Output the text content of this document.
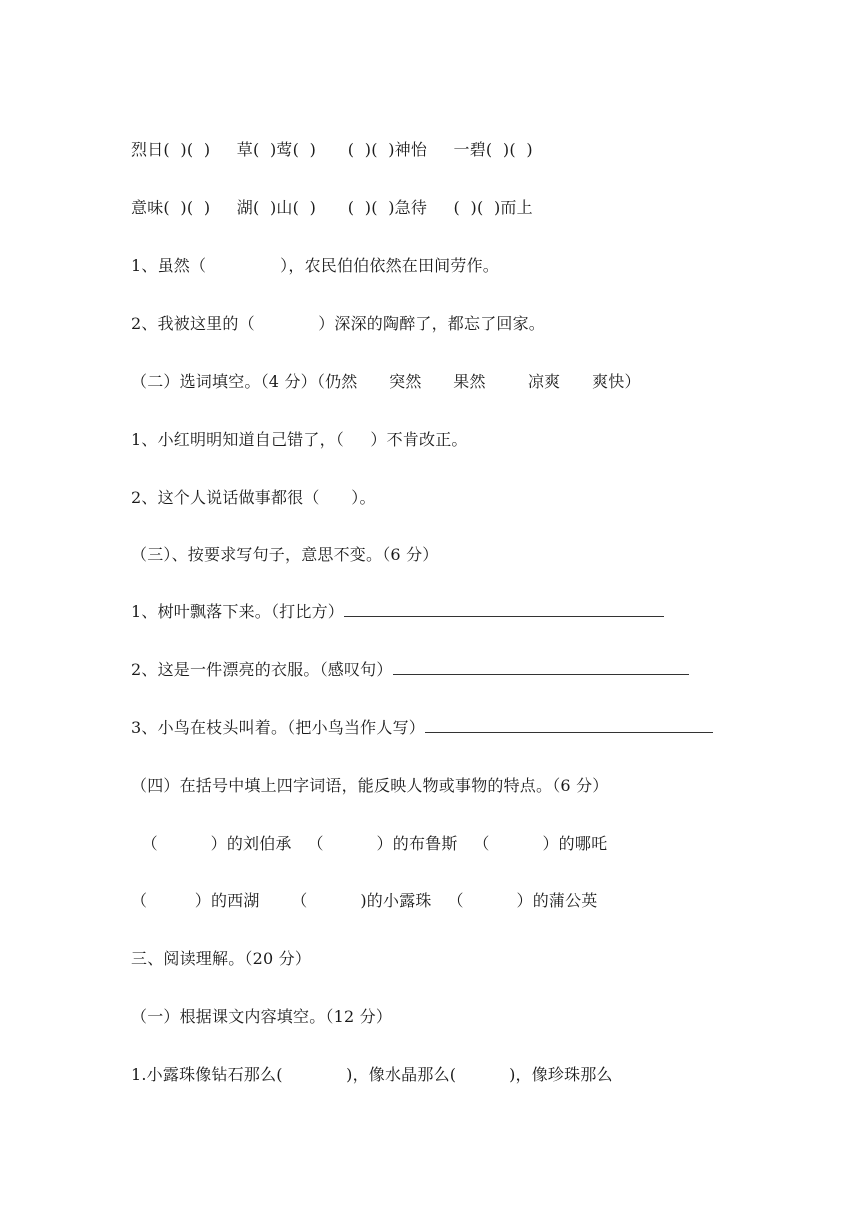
烈日(  )(  )     草(  )莺(  )      (  )(  )神怡     一碧(  )(  )
意味(  )(  )     湖(  )山(  )      (  )(  )急待     (  )(  )而上
1、虽然（              ），农民伯伯依然在田间劳作。
2、我被这里的（            ）深深的陶醉了，都忘了回家。
（二）选词填空。（4 分）（仍然      突然      果然        凉爽      爽快）
1、小红明明知道自己错了，（     ）不肯改正。
2、这个人说话做事都很（      ）。
（三）、按要求写句子，意思不变。（6 分）
1、树叶飘落下来。（打比方）
2、这是一件漂亮的衣服。（感叹句）
3、小鸟在枝头叫着。（把小鸟当作人写）
（四）在括号中填上四字词语，能反映人物或事物的特点。（6 分）
（          ）的刘伯承   （          ）的布鲁斯   （          ）的哪吒
（         ）的西湖      （          )的小露珠   （          ）的蒲公英
三、阅读理解。（20 分）
（一）根据课文内容填空。（12 分）
1.小露珠像钻石那么(            )，像水晶那么(          )，像珍珠那么
